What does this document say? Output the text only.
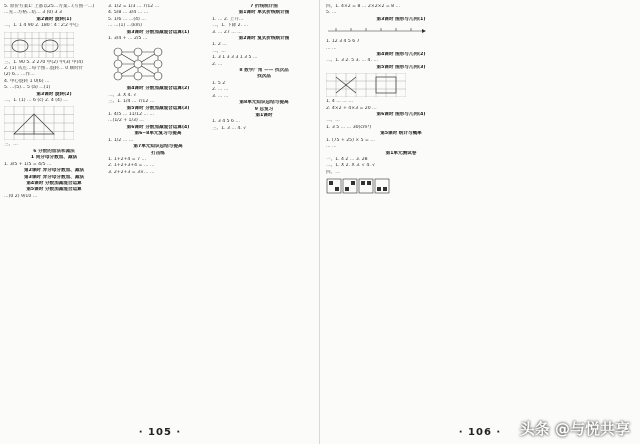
5. 原价方案1: 上都以25…方案…(写图一…)
…先…方格…结… 3 (0) 3 3
第2课时 旋转(1)
二、1. 1 4 90 2. 180 ∶ 4 ∶ 2∶2 中心
三、1. 90 5. 2 270 中(2) 中(3) 中(4)
2. (1) 从左…每个图…旋转… 0 顺时针
(2) 6… …作…
4. 中心旋转 1 0(6) …
5. …(5)… 5 (a) …(1)
第3课时 旋转(2)
二、1. (1) … 6 (c) 2. 4 (4) …
三、…
6 分数的加法和减法
1 同分母分数加、减法
1. 3/5 + 1/5 = 4/5 …
第2课时 异分母分数加、减法
第3课时 异分母分数加、减法
第4课时 分数加减混合运算
第5课时 分数加减混合运算
…(0 2) 9/10 …
3. 1/2 = 1/3 … 7/12 …
4. 5/8 … 3/4 … …
5. 1/6 … …(4) …
… …(1) …(km)
第3课时 分数加减混合运算(1)
1. 3/4 + … 2/5 …
第4课时 分数加减混合运算(2)
二、3. X 4. √
三、1. 1/4 … 7/12 …
第5课时 分数加减混合运算(3)
1. 4/5 … 11/12 … …
…(1/2 + 1/3) …
第6课时 分数加减混合运算(4)
第6~8单元复习与提高
1. 1/2 … …
第7单元知识总结与提高
打击练
1. 1+2+4 = 7 …
2. 1+2+3+4 = … …
3. 2+2+3 = 3×… …
7 折线统计图
第1课时 单式折线统计图
1. … 2. 上升…
二、1. 下降 2. …
3. … 27 … …
第2课时 复式折线统计图
1. 2 …
二、…
1. 3 1 3 3 3 1 3 5 …
2. …
8 数学广角 —— 找次品
找次品
1. 5 2
2. … …
3. … …
第8单元知识总结与提高
9 总复习
第1课时
1. 3 4 5 6 …
三、1. 3 … 4. √
· 105 ·
四、1. 4×2 = 8 … 2×2×2 = 8 …
5. …
第3课时 图形与几何(1)
1. 12 3 4 5 6 7
… …
第4课时 图形与几何(2)
二、1. 3 2. 5 3. … 4. …
第5课时 图形与几何(3)
1. 4 … … …
2. 4×2 + 4×3 = 20 …
第6课时 图形与几何(4)
二、…
1. 3 5 … … 30(cm³)
第5课时 统计与概率
1. (75 + 25) × 5 = …
… …
第1单元测试卷
一、1. 4 2 … 3. 28
二、1. X 2. X 3. √ 4. √
四、…
· 106 ·	头条 @与悦共享
